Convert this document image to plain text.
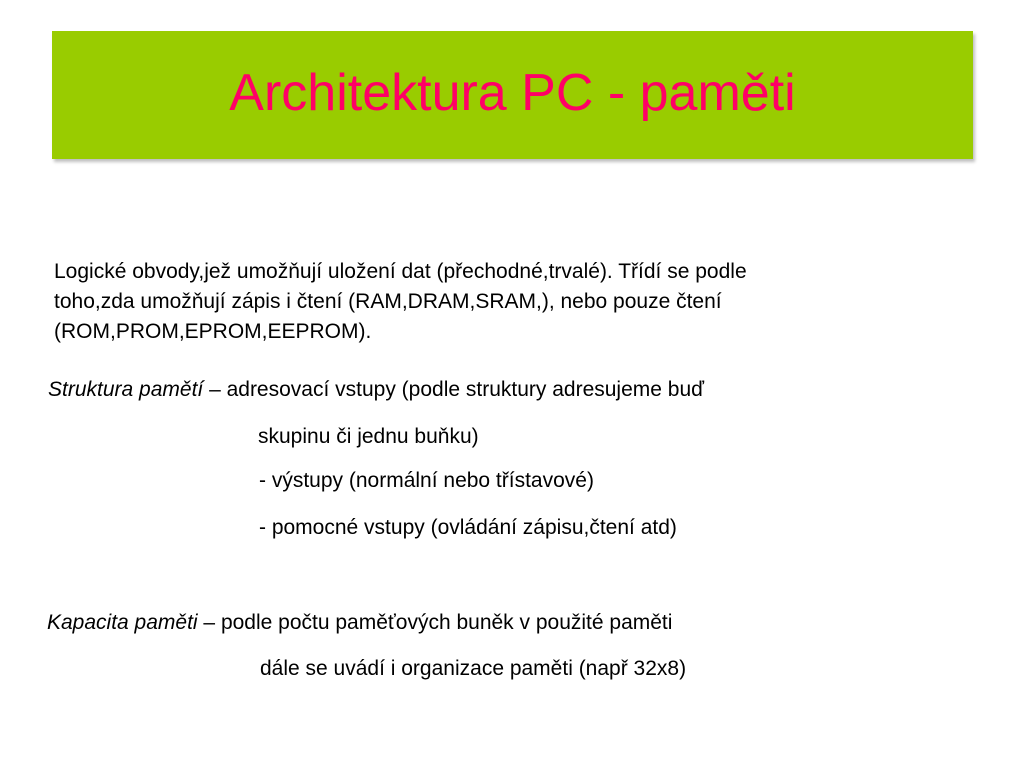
Architektura PC - paměti
Logické obvody,jež umožňují uložení dat (přechodné,trvalé). Třídí se podle
toho,zda umožňují zápis i čtení (RAM,DRAM,SRAM,), nebo pouze čtení
(ROM,PROM,EPROM,EEPROM).
Struktura pamětí – adresovací vstupy (podle struktury adresujeme buď
skupinu či jednu buňku)
- výstupy (normální nebo třístavové)
- pomocné vstupy (ovládání zápisu,čtení atd)
Kapacita paměti – podle počtu paměťových buněk v použité paměti
dále se uvádí i organizace paměti (např 32x8)
